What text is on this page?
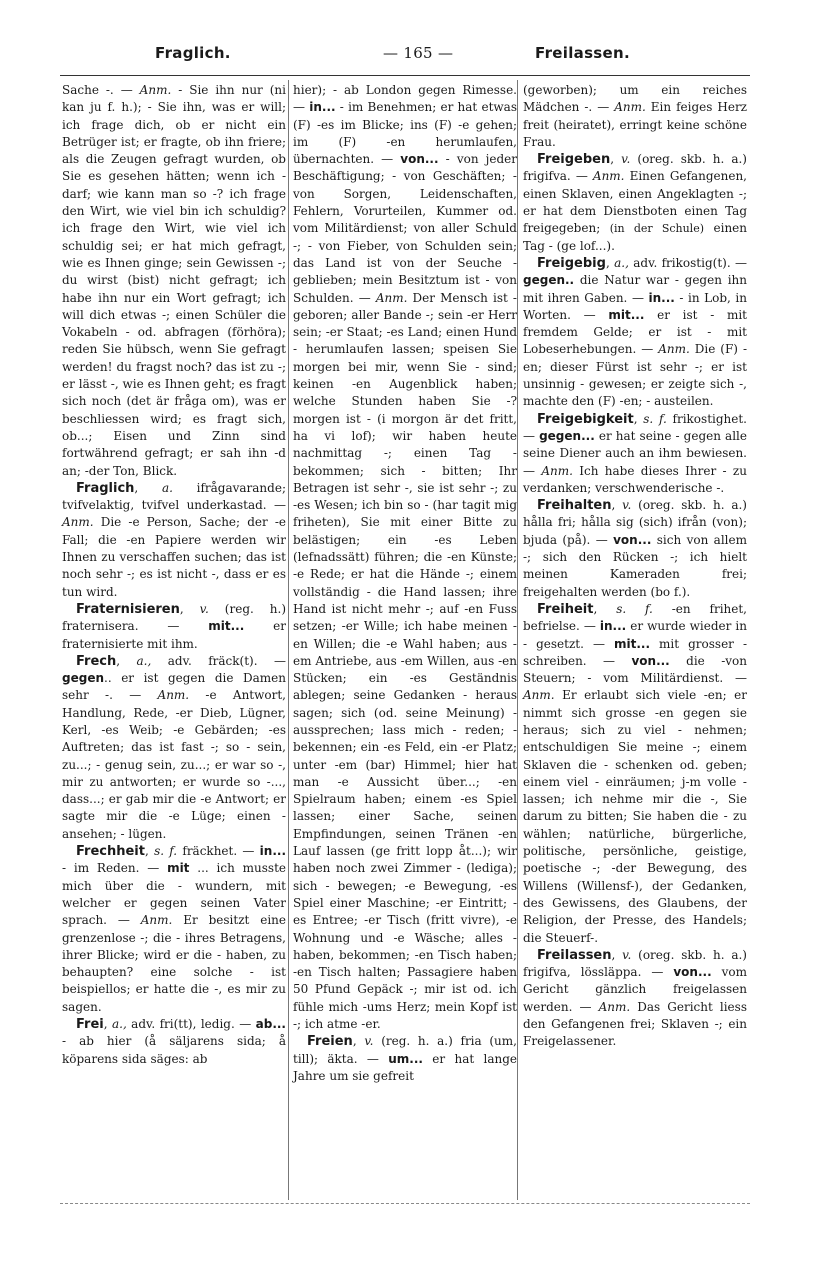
Fraglich.	— 165 —	Freilassen.

Sache -. — Anm. - Sie ihn nur (ni kan ju f. h.); - Sie ihn, was er will; ich frage dich, ob er nicht ein Betrüger ist; er fragte, ob ihn friere; als die Zeugen gefragt wurden, ob Sie es gesehen hätten; wenn ich - darf; wie kann man so -? ich frage den Wirt, wie viel bin ich schuldig? ich frage den Wirt, wie viel ich schuldig sei; er hat mich gefragt, wie es Ihnen ginge; sein Gewissen -; du wirst (bist) nicht gefragt; ich habe ihn nur ein Wort gefragt; ich will dich etwas -; einen Schüler die Vokabeln - od. abfragen (förhöra); reden Sie hübsch, wenn Sie gefragt werden! du fragst noch? das ist zu -; er lässt -, wie es Ihnen geht; es fragt sich noch (det är fråga om), was er beschliessen wird; es fragt sich, ob...; Eisen und Zinn sind fortwährend gefragt; er sah ihn -d an; -der Ton, Blick.

Fraglich, a. ifrågavarande; tvifvelaktig, tvifvel underkastad. — Anm. Die -e Person, Sache; der -e Fall; die -en Papiere werden wir Ihnen zu verschaffen suchen; das ist noch sehr -; es ist nicht -, dass er es tun wird.

Fraternisieren, v. (reg. h.) fraternisera. — mit... er fraternisierte mit ihm.

Frech, a., adv. fräck(t). — gegen.. er ist gegen die Damen sehr -. — Anm. -e Antwort, Handlung, Rede, -er Dieb, Lügner, Kerl, -es Weib; -e Gebärden; -es Auftreten; das ist fast -; so - sein, zu...; - genug sein, zu...; er war so -, mir zu antworten; er wurde so -..., dass...; er gab mir die -e Antwort; er sagte mir die -e Lüge; einen - ansehen; - lügen.

Frechheit, s. f. fräckhet. — in... - im Reden. — mit ... ich musste mich über die - wundern, mit welcher er gegen seinen Vater sprach. — Anm. Er besitzt eine grenzenlose -; die - ihres Betragens, ihrer Blicke; wird er die - haben, zu behaupten? eine solche - ist beispiellos; er hatte die -, es mir zu sagen.

Frei, a., adv. fri(tt), ledig. — ab... - ab hier (å säljarens sida; å köparens sida säges: ab

hier); - ab London gegen Rimesse. — in... - im Benehmen; er hat etwas (F) -es im Blicke; ins (F) -e gehen; im (F) -en herumlaufen, übernachten. — von... - von jeder Beschäftigung; - von Geschäften; - von Sorgen, Leidenschaften, Fehlern, Vorurteilen, Kummer od. vom Militärdienst; von aller Schuld -; - von Fieber, von Schulden sein; das Land ist von der Seuche - geblieben; mein Besitztum ist - von Schulden. — Anm. Der Mensch ist - geboren; aller Bande -; sein -er Herr sein; -er Staat; -es Land; einen Hund - herumlaufen lassen; speisen Sie morgen bei mir, wenn Sie - sind; keinen -en Augenblick haben; welche Stunden haben Sie -? morgen ist - (i morgon är det fritt, ha vi lof); wir haben heute nachmittag -; einen Tag - bekommen; sich - bitten; Ihr Betragen ist sehr -, sie ist sehr -; zu -es Wesen; ich bin so - (har tagit mig friheten), Sie mit einer Bitte zu belästigen; ein -es Leben (lefnadssätt) führen; die -en Künste; -e Rede; er hat die Hände -; einem vollständig - die Hand lassen; ihre Hand ist nicht mehr -; auf -en Fuss setzen; -er Wille; ich habe meinen -en Willen; die -e Wahl haben; aus -em Antriebe, aus -em Willen, aus -en Stücken; ein -es Geständnis ablegen; seine Gedanken - heraus sagen; sich (od. seine Meinung) - aussprechen; lass mich - reden; - bekennen; ein -es Feld, ein -er Platz; unter -em (bar) Himmel; hier hat man -e Aussicht über...; -en Spielraum haben; einem -es Spiel lassen; einer Sache, seinen Empfindungen, seinen Tränen -en Lauf lassen (ge fritt lopp åt...); wir haben noch zwei Zimmer - (lediga); sich - bewegen; -e Bewegung, -es Spiel einer Maschine; -er Eintritt; -es Entree; -er Tisch (fritt vivre), -e Wohnung und -e Wäsche; alles - haben, bekommen; -en Tisch haben; -en Tisch halten; Passagiere haben 50 Pfund Gepäck -; mir ist od. ich fühle mich -ums Herz; mein Kopf ist -; ich atme -er.

Freien, v. (reg. h. a.) fria (um, till); äkta. — um... er hat lange Jahre um sie gefreit

(geworben); um ein reiches Mädchen -. — Anm. Ein feiges Herz freit (heiratet), erringt keine schöne Frau.

Freigeben, v. (oreg. skb. h. a.) frigifva. — Anm. Einen Gefangenen, einen Sklaven, einen Angeklagten -; er hat dem Dienstboten einen Tag freigegeben; (in der Schule) einen Tag - (ge lof...).

Freigebig, a., adv. frikostig(t). — gegen.. die Natur war - gegen ihn mit ihren Gaben. — in... - in Lob, in Worten. — mit... er ist - mit fremdem Gelde; er ist - mit Lobeserhebungen. — Anm. Die (F) -en; dieser Fürst ist sehr -; er ist unsinnig - gewesen; er zeigte sich -, machte den (F) -en; - austeilen.

Freigebigkeit, s. f. frikostighet. — gegen... er hat seine - gegen alle seine Diener auch an ihm bewiesen. — Anm. Ich habe dieses Ihrer - zu verdanken; verschwenderische -.

Freihalten, v. (oreg. skb. h. a.) hålla fri; hålla sig (sich) ifrån (von); bjuda (på). — von... sich von allem -; sich den Rücken -; ich hielt meinen Kameraden frei; freigehalten werden (bo f.).

Freiheit, s. f. -en frihet, befrielse. — in... er wurde wieder in - gesetzt. — mit... mit grosser - schreiben. — von... die -von Steuern; - vom Militärdienst. — Anm. Er erlaubt sich viele -en; er nimmt sich grosse -en gegen sie heraus; sich zu viel - nehmen; entschuldigen Sie meine -; einem Sklaven die - schenken od. geben; einem viel - einräumen; j-m volle - lassen; ich nehme mir die -, Sie darum zu bitten; Sie haben die - zu wählen; natürliche, bürgerliche, politische, persönliche, geistige, poetische -; -der Bewegung, des Willens (Willensf-), der Gedanken, des Gewissens, des Glaubens, der Religion, der Presse, des Handels; die Steuerf-.

Freilassen, v. (oreg. skb. h. a.) frigifva, lössläppa. — von... vom Gericht gänzlich freigelassen werden. — Anm. Das Gericht liess den Gefangenen frei; Sklaven -; ein Freigelassener.
